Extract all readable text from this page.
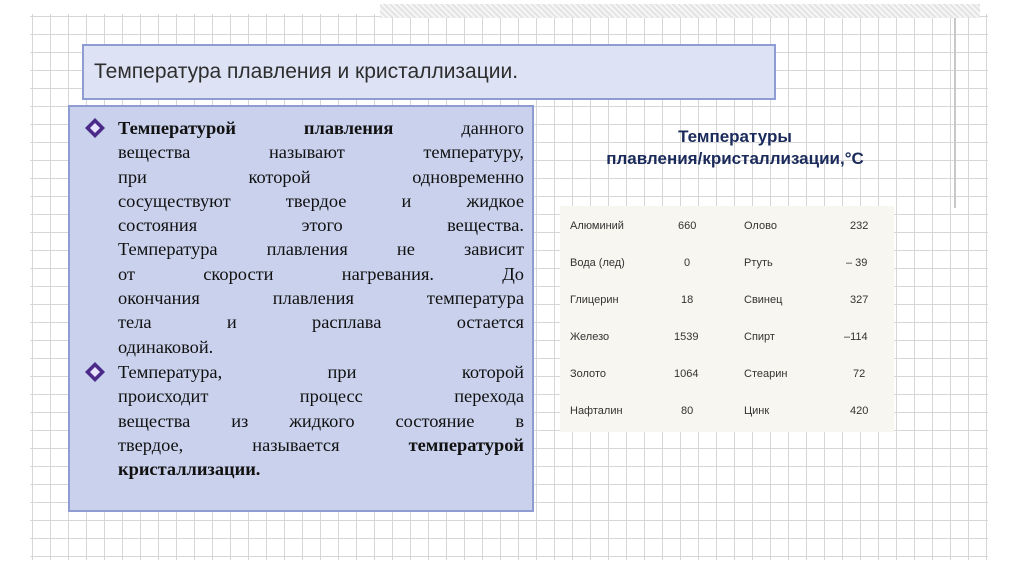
Температура плавления и кристаллизации.
Температурой плавления данного
вещества называют температуру,
при которой одновременно
сосуществуют твердое и жидкое
состояния этого вещества.
Температура плавления не зависит
от скорости нагревания. До
окончания плавления температура
тела и расплава остается
одинаковой.
Температура, при которой
происходит процесс перехода
вещества из жидкого состояние в
твердое, называется температурой
кристаллизации.
Температуры
плавления/кристаллизации,°С
Алюминий	660	Олово	232
Вода (лед)	0	Ртуть	– 39
Глицерин	18	Свинец	327
Железо	1539	Спирт	–114
Золото	1064	Стеарин	72
Нафталин	80	Цинк	420
